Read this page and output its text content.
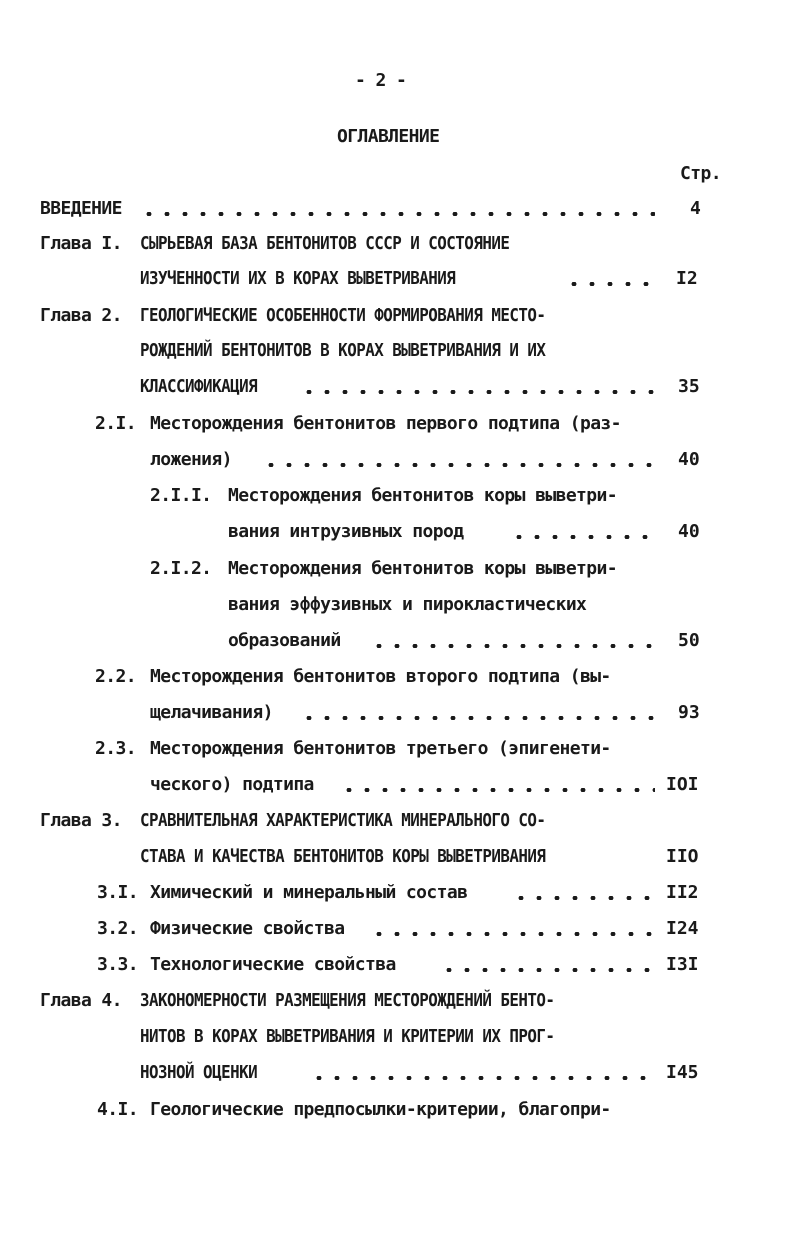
- 2 -
ОГЛАВЛЕНИЕ
Стр.
ВВЕДЕНИЕ	4
Глава I. СЫРЬЕВАЯ БАЗА БЕНТОНИТОВ СССР И СОСТОЯНИЕ
ИЗУЧЕННОСТИ ИХ В КОРАХ ВЫВЕТРИВАНИЯ	I2
Глава 2. ГЕОЛОГИЧЕСКИЕ ОСОБЕННОСТИ ФОРМИРОВАНИЯ МЕСТО-
РОЖДЕНИЙ БЕНТОНИТОВ В КОРАХ ВЫВЕТРИВАНИЯ И ИХ
КЛАССИФИКАЦИЯ	35
2.I. Месторождения бентонитов первого подтипа (раз-
ложения)	40
2.I.I. Месторождения бентонитов коры выветри-
вания интрузивных пород	40
2.I.2. Месторождения бентонитов коры выветри-
вания эффузивных и пирокластических
образований	50
2.2. Месторождения бентонитов второго подтипа (вы-
щелачивания)	93
2.3. Месторождения бентонитов третьего (эпигенети-
ческого) подтипа	IOI
Глава 3. СРАВНИТЕЛЬНАЯ ХАРАКТЕРИСТИКА МИНЕРАЛЬНОГО СО-
СТАВА И КАЧЕСТВА БЕНТОНИТОВ КОРЫ ВЫВЕТРИВАНИЯ	IIO
3.I. Химический и минеральный состав	II2
3.2. Физические свойства	I24
3.3. Технологические свойства	I3I
Глава 4. ЗАКОНОМЕРНОСТИ РАЗМЕЩЕНИЯ МЕСТОРОЖДЕНИЙ БЕНТО-
НИТОВ В КОРАХ ВЫВЕТРИВАНИЯ И КРИТЕРИИ ИХ ПРОГ-
НОЗНОЙ ОЦЕНКИ	I45
4.I. Геологические предпосылки-критерии, благопри-
